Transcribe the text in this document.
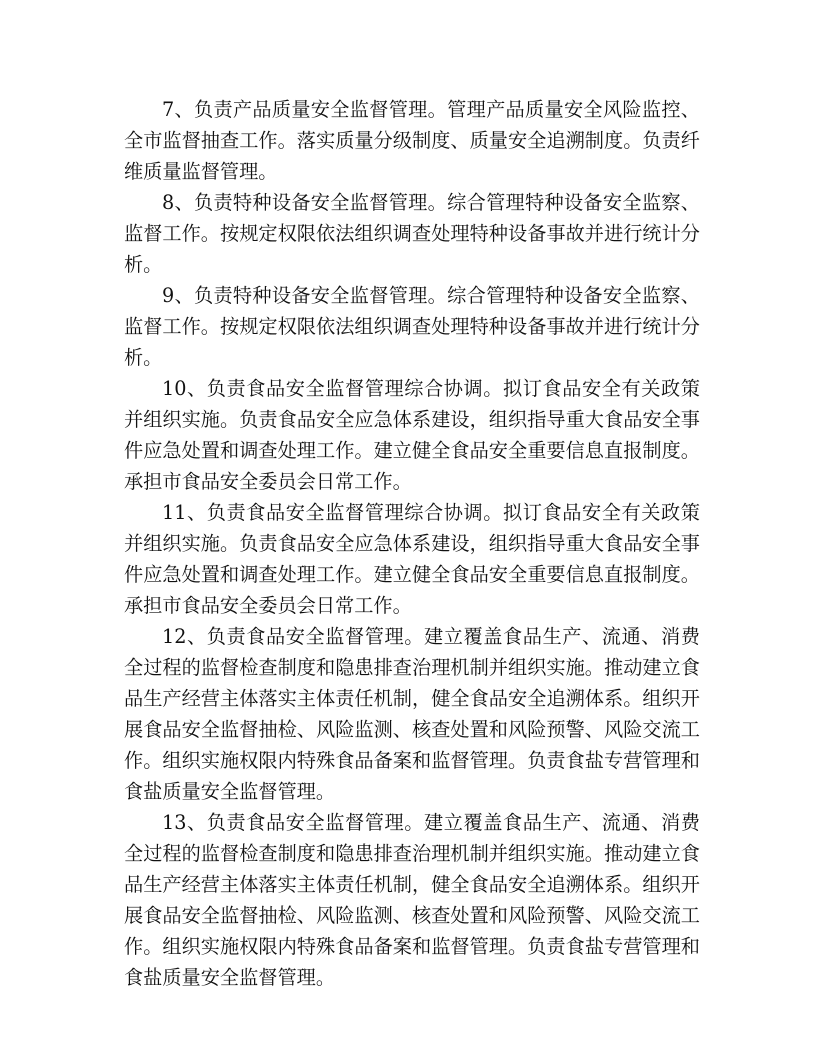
7、负责产品质量安全监督管理。管理产品质量安全风险监控、全市监督抽查工作。落实质量分级制度、质量安全追溯制度。负责纤维质量监督管理。

8、负责特种设备安全监督管理。综合管理特种设备安全监察、监督工作。按规定权限依法组织调查处理特种设备事故并进行统计分析。

9、负责特种设备安全监督管理。综合管理特种设备安全监察、监督工作。按规定权限依法组织调查处理特种设备事故并进行统计分析。

10、负责食品安全监督管理综合协调。拟订食品安全有关政策并组织实施。负责食品安全应急体系建设，组织指导重大食品安全事件应急处置和调查处理工作。建立健全食品安全重要信息直报制度。承担市食品安全委员会日常工作。

11、负责食品安全监督管理综合协调。拟订食品安全有关政策并组织实施。负责食品安全应急体系建设，组织指导重大食品安全事件应急处置和调查处理工作。建立健全食品安全重要信息直报制度。承担市食品安全委员会日常工作。

12、负责食品安全监督管理。建立覆盖食品生产、流通、消费全过程的监督检查制度和隐患排查治理机制并组织实施。推动建立食品生产经营主体落实主体责任机制，健全食品安全追溯体系。组织开展食品安全监督抽检、风险监测、核查处置和风险预警、风险交流工作。组织实施权限内特殊食品备案和监督管理。负责食盐专营管理和食盐质量安全监督管理。

13、负责食品安全监督管理。建立覆盖食品生产、流通、消费全过程的监督检查制度和隐患排查治理机制并组织实施。推动建立食品生产经营主体落实主体责任机制，健全食品安全追溯体系。组织开展食品安全监督抽检、风险监测、核查处置和风险预警、风险交流工作。组织实施权限内特殊食品备案和监督管理。负责食盐专营管理和食盐质量安全监督管理。
